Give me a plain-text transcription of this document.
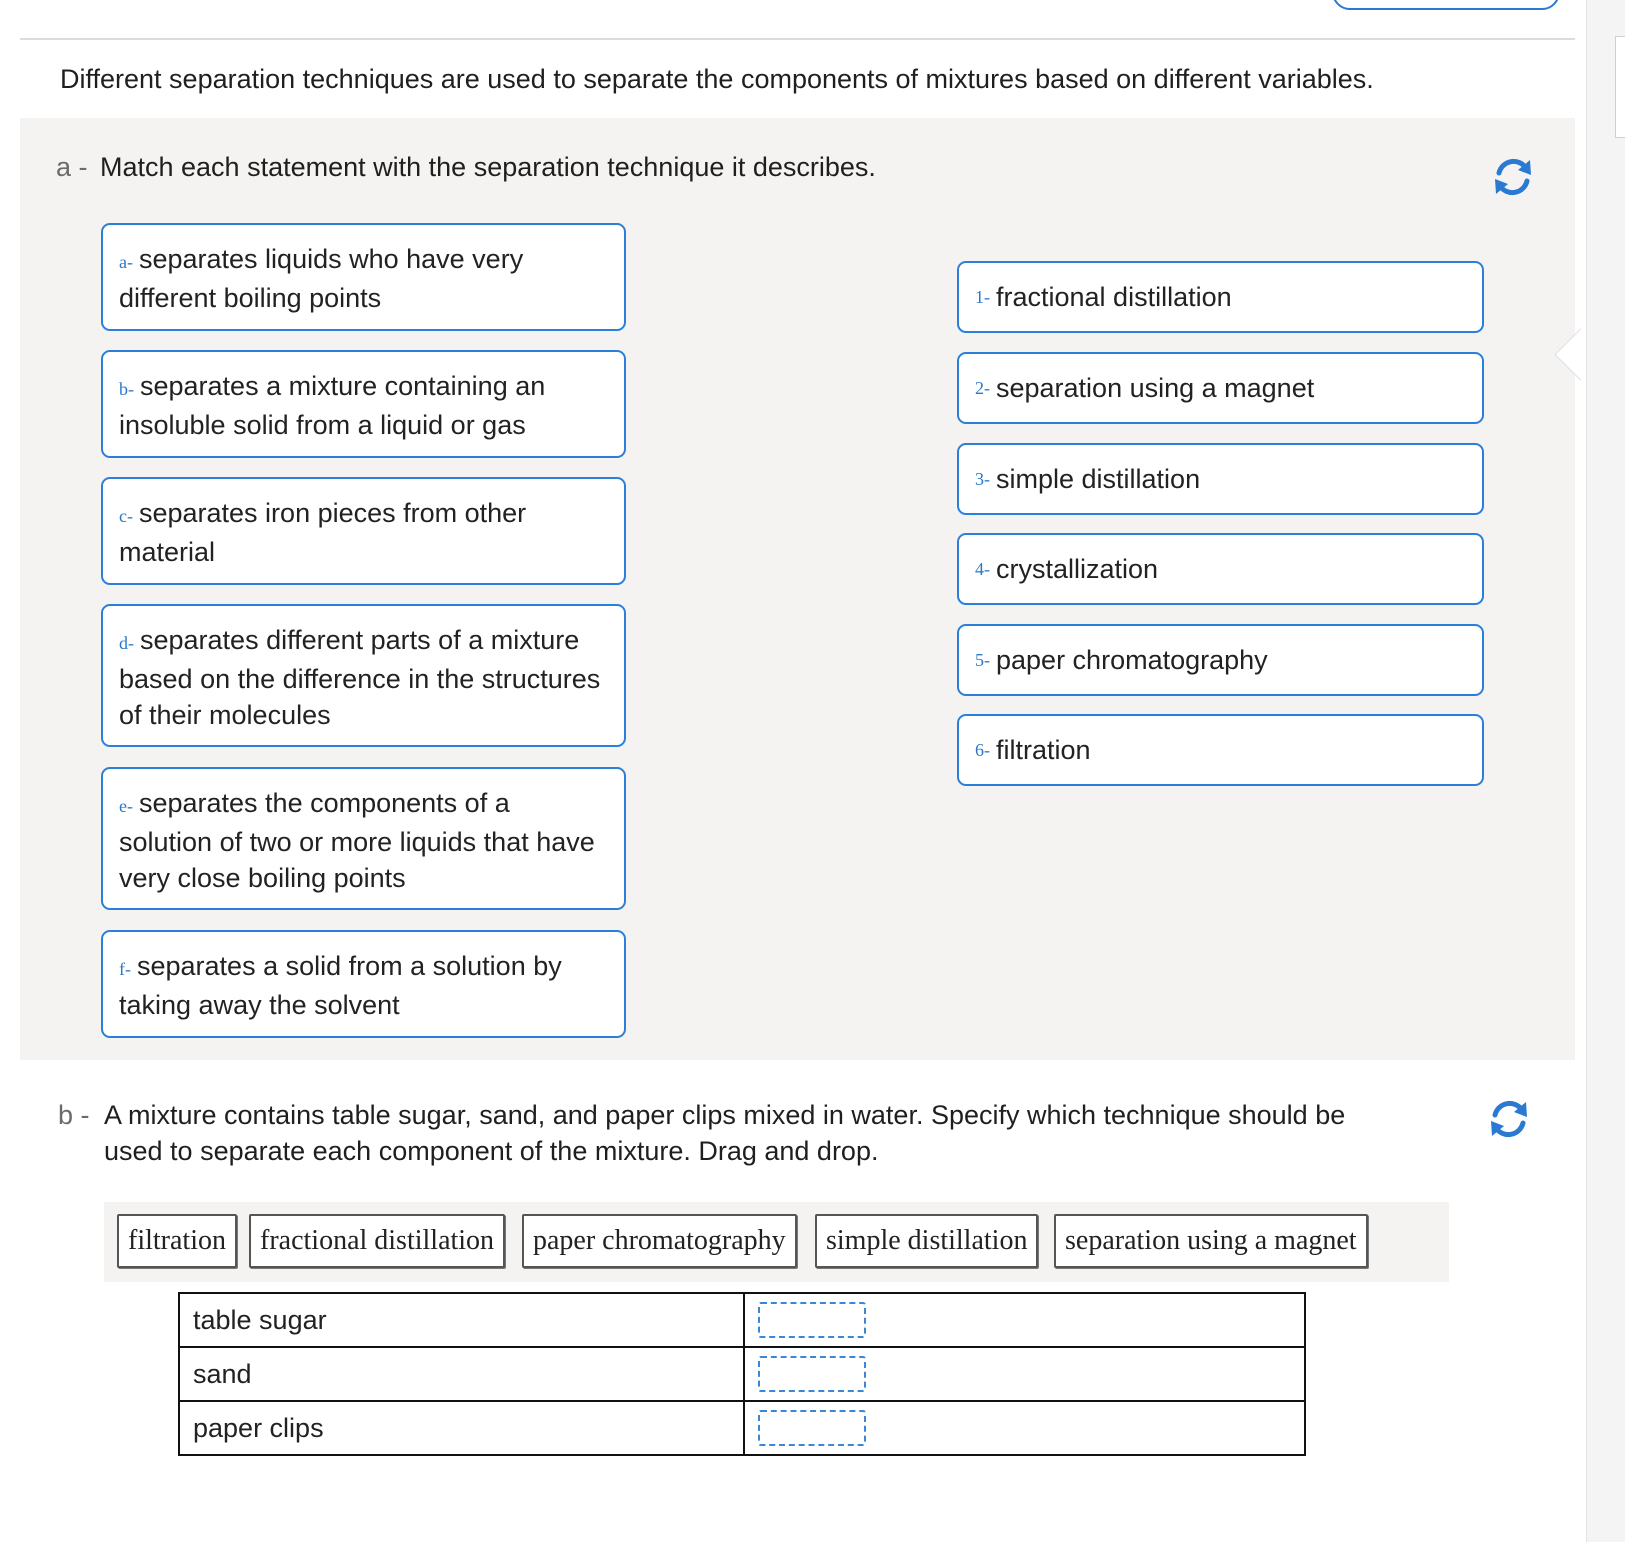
Different separation techniques are used to separate the components of mixtures based on different variables.
a - Match each statement with the separation technique it describes.
a- separates liquids who have very different boiling points
b- separates a mixture containing an insoluble solid from a liquid or gas
c- separates iron pieces from other material
d- separates different parts of a mixture based on the difference in the structures of their molecules
e- separates the components of a solution of two or more liquids that have very close boiling points
f- separates a solid from a solution by taking away the solvent
1- fractional distillation
2- separation using a magnet
3- simple distillation
4- crystallization
5- paper chromatography
6- filtration
b - A mixture contains table sugar, sand, and paper clips mixed in water. Specify which technique should be
used to separate each component of the mixture. Drag and drop.
filtration	fractional distillation	paper chromatography	simple distillation	separation using a magnet
table sugar	

sand	

paper clips	
